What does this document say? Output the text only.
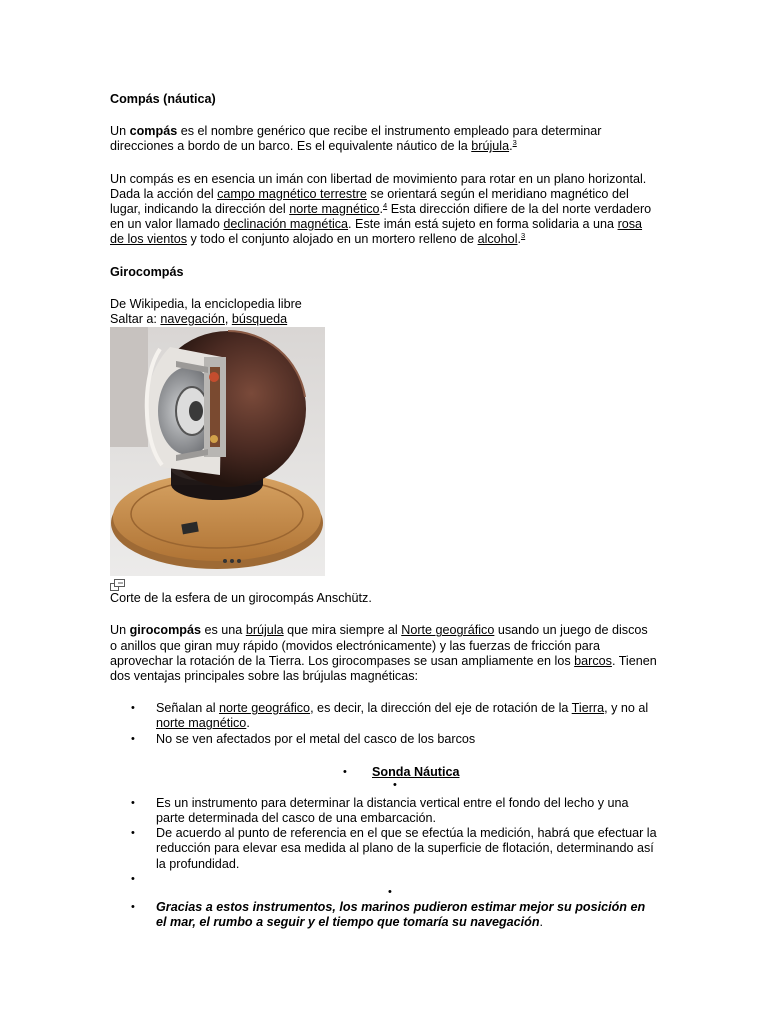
Compás (náutica)

Un compás es el nombre genérico que recibe el instrumento empleado para determinar direcciones a bordo de un barco. Es el equivalente náutico de la brújula.$^3$

Un compás es en esencia un imán con libertad de movimiento para rotar en un plano horizontal. Dada la acción del campo magnético terrestre se orientará según el meridiano magnético del lugar, indicando la dirección del norte magnético.$^4$ Esta dirección difiere de la del norte verdadero en un valor llamado declinación magnética. Este imán está sujeto en forma solidaria a una rosa de los vientos y todo el conjunto alojado en un mortero relleno de alcohol.$^3$

Girocompás

De Wikipedia, la enciclopedia libre

Saltar a: navegación, búsqueda

Corte de la esfera de un girocompás Anschütz.

Un girocompás es una brújula que mira siempre al Norte geográfico usando un juego de discos o anillos que giran muy rápido (movidos electrónicamente) y las fuerzas de fricción para aprovechar la rotación de la Tierra. Los girocompases se usan ampliamente en los barcos. Tienen dos ventajas principales sobre las brújulas magnéticas:

• Señalan al norte geográfico, es decir, la dirección del eje de rotación de la Tierra, y no al norte magnético.
• No se ven afectados por el metal del casco de los barcos
• Sonda Náutica
•
• Es un instrumento para determinar la distancia vertical entre el fondo del lecho y una parte determinada del casco de una embarcación.
• De acuerdo al punto de referencia en el que se efectúa la medición, habrá que efectuar la reducción para elevar esa medida al plano de la superficie de flotación, determinando así la profundidad.
•
•
• Gracias a estos instrumentos, los marinos pudieron estimar mejor su posición en el mar, el rumbo a seguir y el tiempo que tomaría su navegación.
